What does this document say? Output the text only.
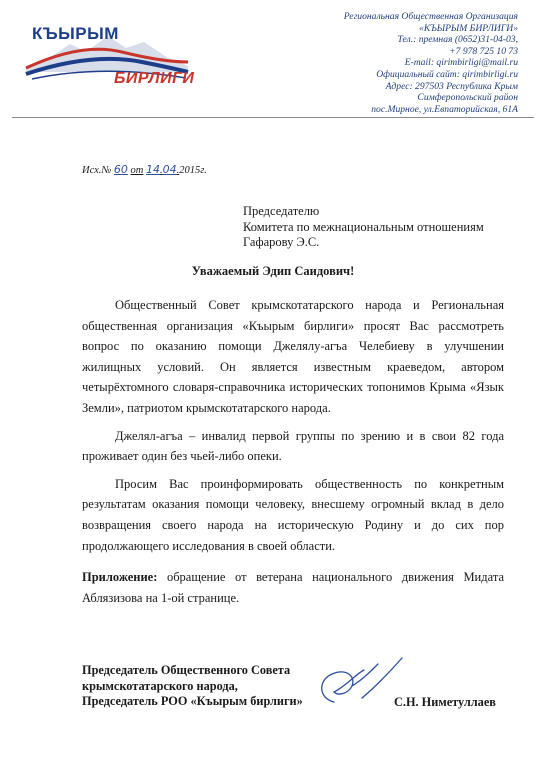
КЪЫРЫМ
БИРЛИГИ
Региональная Общественная Организация
«КЪЫРЫМ БИРЛИГИ»
Тел.: премная (0652)31-04-03,
+7 978 725 10 73
E-mail: qirimbirligi@mail.ru
Официальный сайт: qirimbirligi.ru
Адрес: 297503 Республика Крым
Симферопольский район
пос.Мирное, ул.Евпаторийская, 61А
Исх.№ 60 от 14.04.2015г.
Председателю
Комитета по межнациональным отношениям
Гафарову Э.С.
Уважаемый Эдип Саидович!

Общественный Совет крымскотатарского народа и Региональная общественная организация «Къырым бирлиги» просят Вас рассмотреть вопрос по оказанию помощи Джелялу-агъа Челебиеву в улучшении жилищных условий. Он является известным краеведом, автором четырёхтомного словаря-справочника исторических топонимов Крыма «Язык Земли», патриотом крымскотатарского народа.

Джелял-агъа – инвалид первой группы по зрению и в свои 82 года проживает один без чьей-либо опеки.

Просим Вас проинформировать общественность по конкретным результатам оказания помощи человеку, внесшему огромный вклад в дело возвращения своего народа на историческую Родину и до сих пор продолжающего исследования в своей области.

Приложение: обращение от ветерана национального движения Мидата Аблязизова на 1-ой странице.

Председатель Общественного Совета
крымскотатарского народа,
Председатель РОО «Къырым бирлиги»	С.Н. Ниметуллаев
